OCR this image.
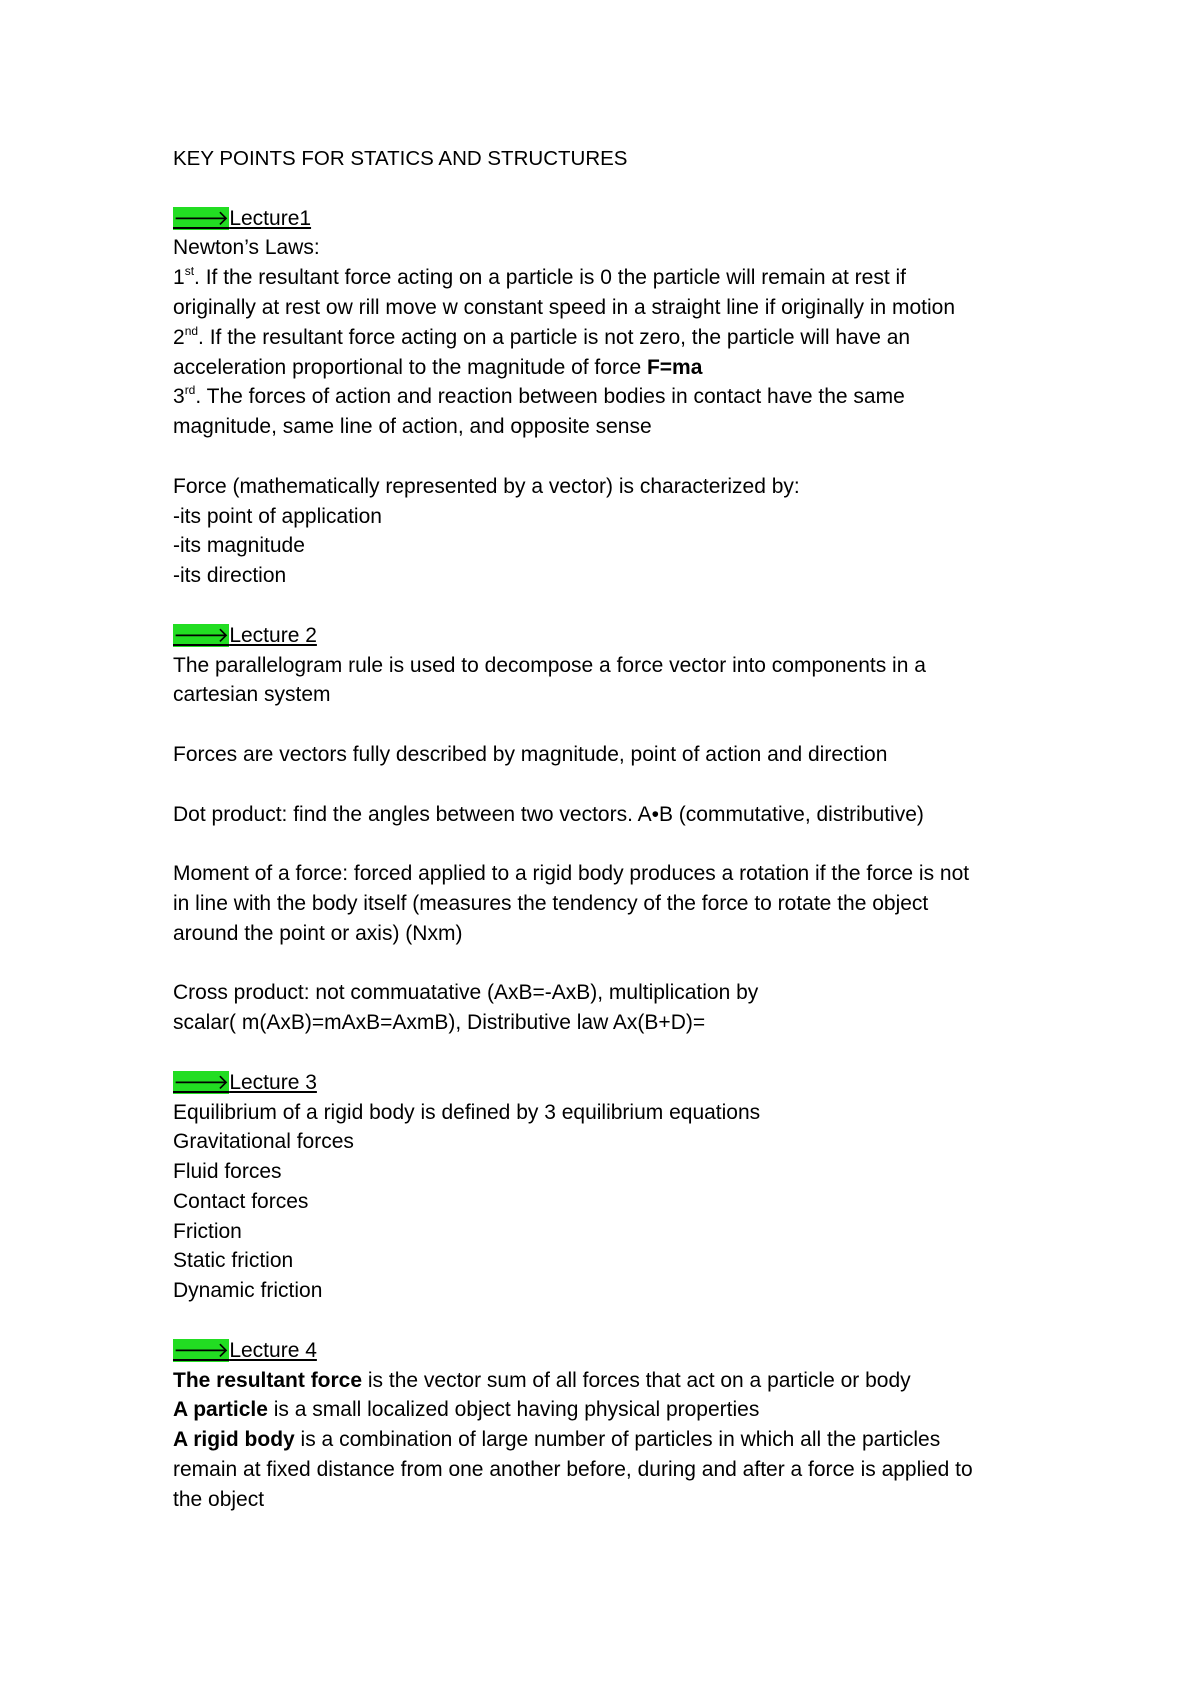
KEY POINTS FOR STATICS AND STRUCTURES
🡒Lecture1
Newton’s Laws:
1st. If the resultant force acting on a particle is 0 the particle will remain at rest if
originally at rest ow rill move w constant speed in a straight line if originally in motion
2nd. If the resultant force acting on a particle is not zero, the particle will have an
acceleration proportional to the magnitude of force F=ma
3rd. The forces of action and reaction between bodies in contact have the same
magnitude, same line of action, and opposite sense
Force (mathematically represented by a vector) is characterized by:
-its point of application
-its magnitude
-its direction
🡒Lecture 2
The parallelogram rule is used to decompose a force vector into components in a
cartesian system
Forces are vectors fully described by magnitude, point of action and direction
Dot product: find the angles between two vectors. A•B (commutative, distributive)
Moment of a force: forced applied to a rigid body produces a rotation if the force is not
in line with the body itself (measures the tendency of the force to rotate the object
around the point or axis) (Nxm)
Cross product: not commuatative (AxB=-AxB), multiplication by
scalar( m(AxB)=mAxB=AxmB), Distributive law Ax(B+D)=
🡒Lecture 3
Equilibrium of a rigid body is defined by 3 equilibrium equations
Gravitational forces
Fluid forces
Contact forces
Friction
Static friction
Dynamic friction
🡒Lecture 4
The resultant force is the vector sum of all forces that act on a particle or body
A particle is a small localized object having physical properties
A rigid body is a combination of large number of particles in which all the particles
remain at fixed distance from one another before, during and after a force is applied to
the object
